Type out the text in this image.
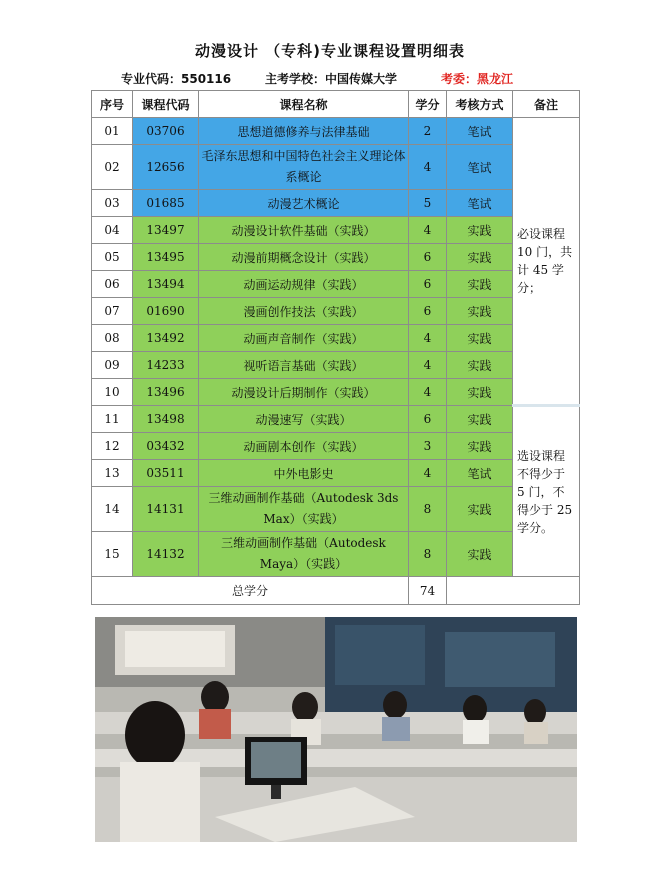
动漫设计 （专科)专业课程设置明细表
专业代码：550116	主考学校：中国传媒大学	考委：黑龙江
序号	课程代码	课程名称	学分	考核方式	备注
01	03706	思想道德修养与法律基础	2	笔试	必设课程 10 门，共计 45 学分；
02	12656	毛泽东思想和中国特色社会主义理论体系概论	4	笔试	
03	01685	动漫艺术概论	5	笔试	
04	13497	动漫设计软件基础（实践）	4	实践	
05	13495	动漫前期概念设计（实践）	6	实践	
06	13494	动画运动规律（实践）	6	实践	
07	01690	漫画创作技法（实践）	6	实践	
08	13492	动画声音制作（实践）	4	实践	
09	14233	视听语言基础（实践）	4	实践	
10	13496	动漫设计后期制作（实践）	4	实践	
11	13498	动漫速写（实践）	6	实践	选设课程不得少于 5 门，不得少于 25 学分。
12	03432	动画剧本创作（实践）	3	实践	
13	03511	中外电影史	4	笔试	
14	14131	三维动画制作基础（Autodesk 3ds Max）（实践）	8	实践	
15	14132	三维动画制作基础（Autodesk Maya）（实践）	8	实践	
总学分			74		
